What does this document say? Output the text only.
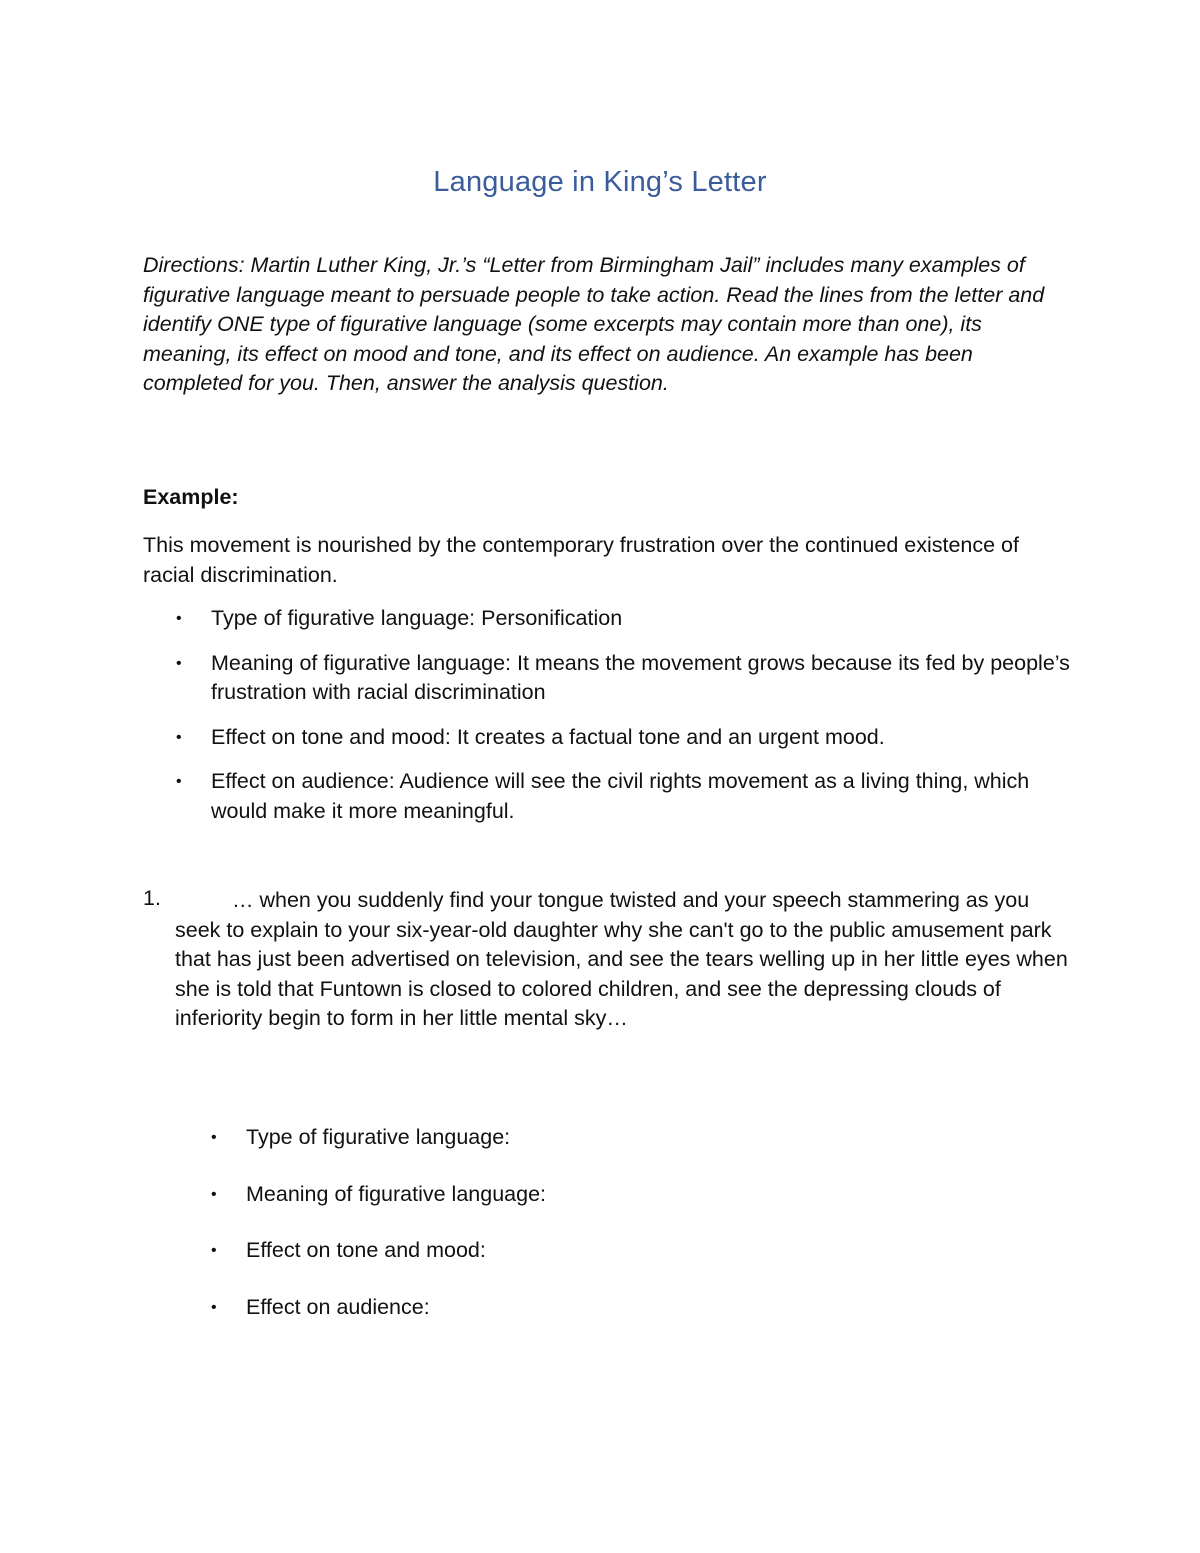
Language in King’s Letter
Directions: Martin Luther King, Jr.’s “Letter from Birmingham Jail” includes many examples of figurative language meant to persuade people to take action. Read the lines from the letter and identify ONE type of figurative language (some excerpts may contain more than one), its meaning, its effect on mood and tone, and its effect on audience. An example has been completed for you. Then, answer the analysis question.
Example:
This movement is nourished by the contemporary frustration over the continued existence of racial discrimination.
• Type of figurative language: Personification
• Meaning of figurative language: It means the movement grows because its fed by people’s frustration with racial discrimination
• Effect on tone and mood: It creates a factual tone and an urgent mood.
• Effect on audience: Audience will see the civil rights movement as a living thing, which would make it more meaningful.
1.	… when you suddenly find your tongue twisted and your speech stammering as you seek to explain to your six-year-old daughter why she can't go to the public amusement park that has just been advertised on television, and see the tears welling up in her little eyes when she is told that Funtown is closed to colored children, and see the depressing clouds of inferiority begin to form in her little mental sky…
• Type of figurative language:
• Meaning of figurative language:
• Effect on tone and mood:
• Effect on audience:
